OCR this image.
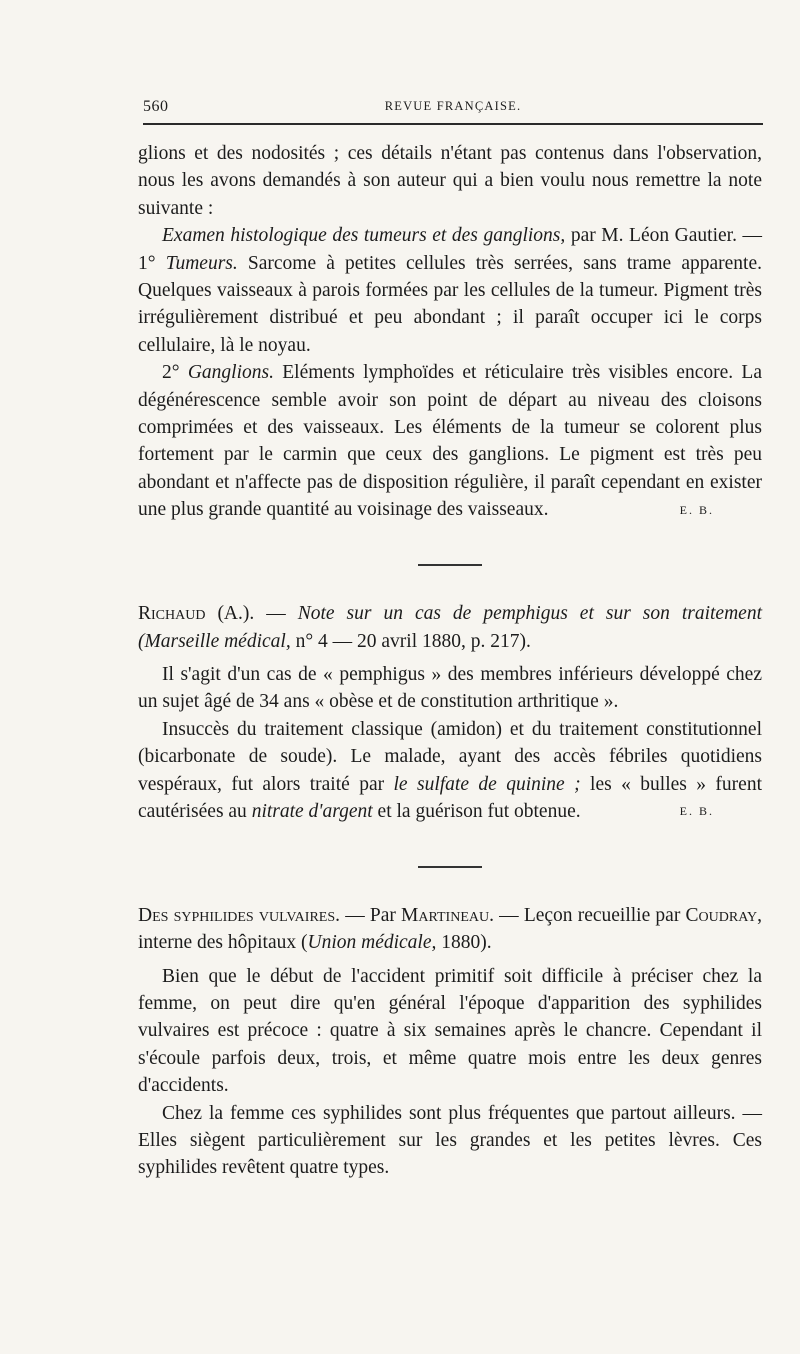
560	REVUE FRANÇAISE.

glions et des nodosités ; ces détails n'étant pas contenus dans l'observation, nous les avons demandés à son auteur qui a bien voulu nous remettre la note suivante :

Examen histologique des tumeurs et des ganglions, par M. Léon Gautier. — 1° Tumeurs. Sarcome à petites cellules très serrées, sans trame apparente. Quelques vaisseaux à parois formées par les cellules de la tumeur. Pigment très irrégulièrement distribué et peu abondant ; il paraît occuper ici le corps cellulaire, là le noyau.

2° Ganglions. Eléments lymphoïdes et réticulaire très visibles encore. La dégénérescence semble avoir son point de départ au niveau des cloisons comprimées et des vaisseaux. Les éléments de la tumeur se colorent plus fortement par le carmin que ceux des ganglions. Le pigment est très peu abondant et n'affecte pas de disposition régulière, il paraît cependant en exister une plus grande quantité au voisinage des vaisseaux.	E. B.

Richaud (A.). — Note sur un cas de pemphigus et sur son traitement (Marseille médical, n° 4 — 20 avril 1880, p. 217).

Il s'agit d'un cas de « pemphigus » des membres inférieurs développé chez un sujet âgé de 34 ans « obèse et de constitution arthritique ».

Insuccès du traitement classique (amidon) et du traitement constitutionnel (bicarbonate de soude). Le malade, ayant des accès fébriles quotidiens vespéraux, fut alors traité par le sulfate de quinine ; les « bulles » furent cautérisées au nitrate d'argent et la guérison fut obtenue.	E. B.

Des syphilides vulvaires. — Par Martineau. — Leçon recueillie par Coudray, interne des hôpitaux (Union médicale, 1880).

Bien que le début de l'accident primitif soit difficile à préciser chez la femme, on peut dire qu'en général l'époque d'apparition des syphilides vulvaires est précoce : quatre à six semaines après le chancre. Cependant il s'écoule parfois deux, trois, et même quatre mois entre les deux genres d'accidents.

Chez la femme ces syphilides sont plus fréquentes que partout ailleurs. — Elles siègent particulièrement sur les grandes et les petites lèvres. Ces syphilides revêtent quatre types.
